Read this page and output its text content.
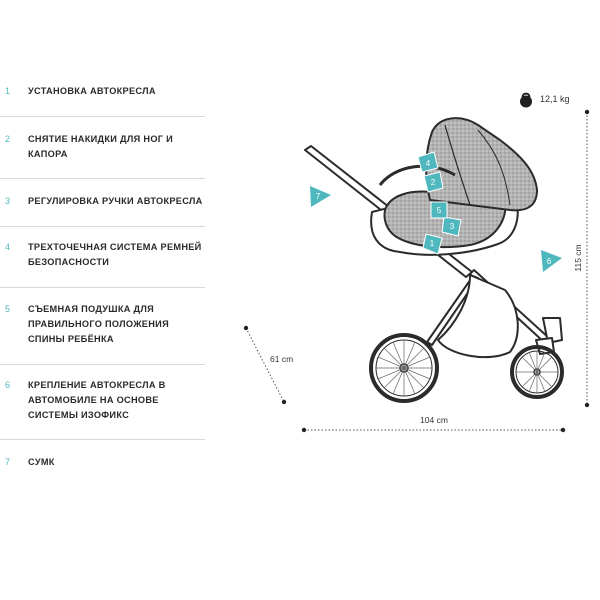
1	УСТАНОВКА АВТОКРЕСЛА
2	СНЯТИЕ НАКИДКИ ДЛЯ НОГ И КАПОРА
3	РЕГУЛИРОВКА РУЧКИ АВТОКРЕСЛА
4	ТРЕХТОЧЕЧНАЯ СИСТЕМА РЕМНЕЙ БЕЗОПАСНОСТИ
5	СЪЕМНАЯ ПОДУШКА ДЛЯ ПРАВИЛЬНОГО ПОЛОЖЕНИЯ СПИНЫ РЕБЁНКА
6	КРЕПЛЕНИЕ АВТОКРЕСЛА В АВТОМОБИЛЕ НА ОСНОВЕ СИСТЕМЫ ИЗОФИКС
7	СУМК
12,1 kg
115 cm
104 cm
61 cm
1
2
3
4
5
6
7
